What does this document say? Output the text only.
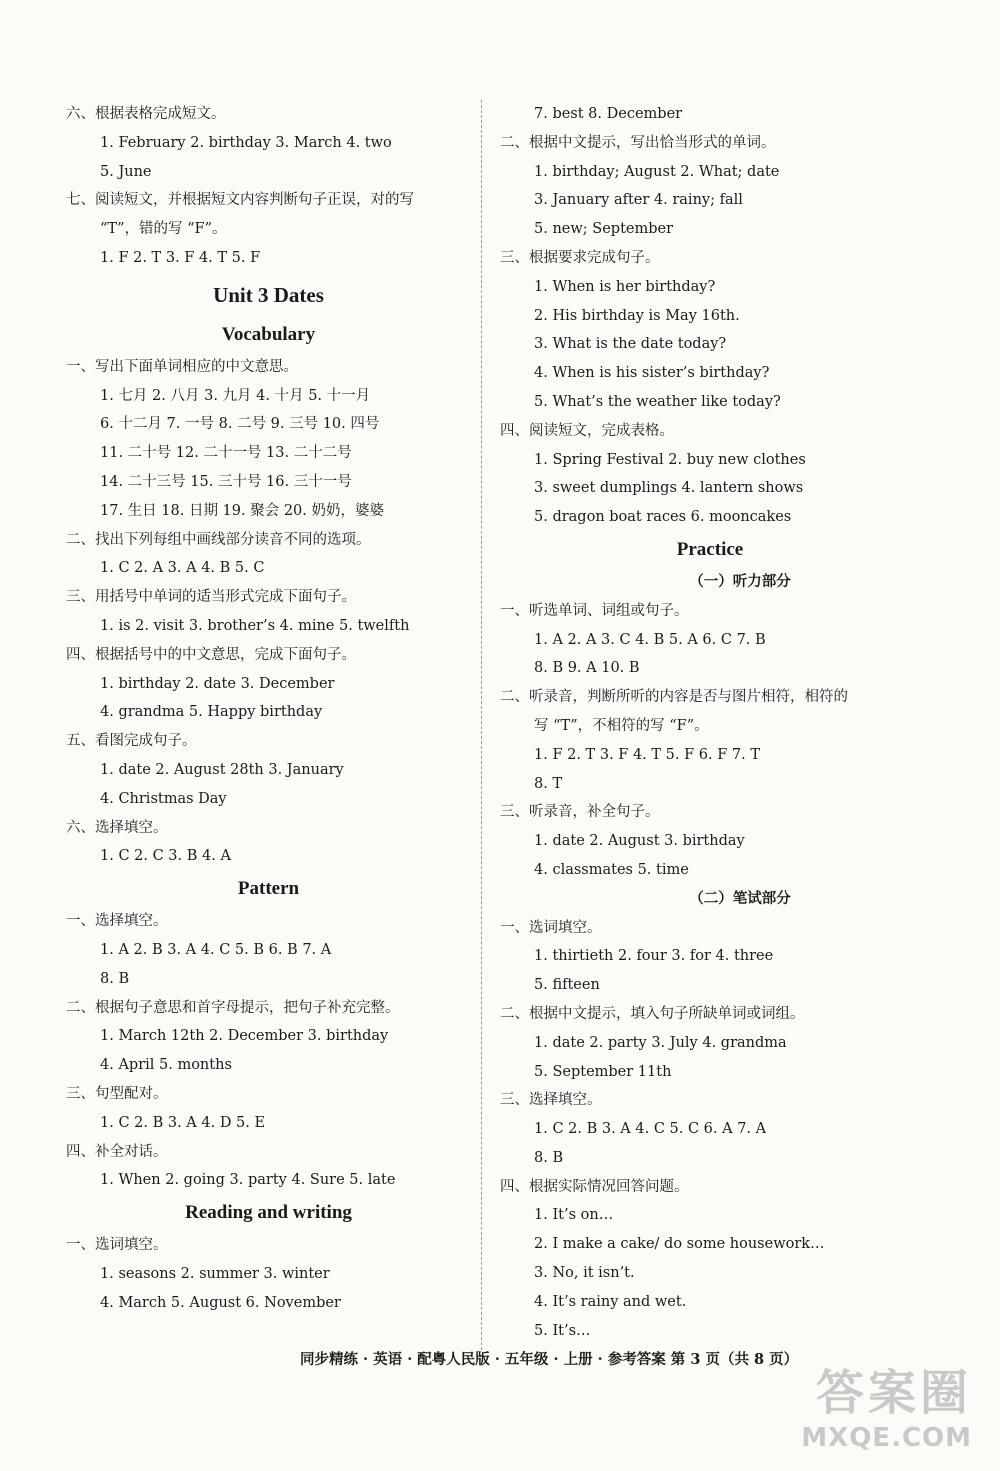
六、根据表格完成短文。
1. February 2. birthday 3. March 4. two
5. June
七、阅读短文，并根据短文内容判断句子正误，对的写
“T”，错的写 “F”。
1. F 2. T 3. F 4. T 5. F
Unit 3 Dates
Vocabulary
一、写出下面单词相应的中文意思。
1. 七月 2. 八月 3. 九月 4. 十月 5. 十一月
6. 十二月 7. 一号 8. 二号 9. 三号 10. 四号
11. 二十号 12. 二十一号 13. 二十二号
14. 二十三号 15. 三十号 16. 三十一号
17. 生日 18. 日期 19. 聚会 20. 奶奶，婆婆
二、找出下列每组中画线部分读音不同的选项。
1. C 2. A 3. A 4. B 5. C
三、用括号中单词的适当形式完成下面句子。
1. is 2. visit 3. brother’s 4. mine 5. twelfth
四、根据括号中的中文意思，完成下面句子。
1. birthday 2. date 3. December
4. grandma 5. Happy birthday
五、看图完成句子。
1. date 2. August 28th 3. January
4. Christmas Day
六、选择填空。
1. C 2. C 3. B 4. A
Pattern
一、选择填空。
1. A 2. B 3. A 4. C 5. B 6. B 7. A
8. B
二、根据句子意思和首字母提示，把句子补充完整。
1. March 12th 2. December 3. birthday
4. April 5. months
三、句型配对。
1. C 2. B 3. A 4. D 5. E
四、补全对话。
1. When 2. going 3. party 4. Sure 5. late
Reading and writing
一、选词填空。
1. seasons 2. summer 3. winter
4. March 5. August 6. November
7. best 8. December
二、根据中文提示，写出恰当形式的单词。
1. birthday; August 2. What; date
3. January after 4. rainy; fall
5. new; September
三、根据要求完成句子。
1. When is her birthday?
2. His birthday is May 16th.
3. What is the date today?
4. When is his sister’s birthday?
5. What’s the weather like today?
四、阅读短文，完成表格。
1. Spring Festival 2. buy new clothes
3. sweet dumplings 4. lantern shows
5. dragon boat races 6. mooncakes
Practice
（一）听力部分
一、听选单词、词组或句子。
1. A 2. A 3. C 4. B 5. A 6. C 7. B
8. B 9. A 10. B
二、听录音，判断所听的内容是否与图片相符，相符的
写 “T”，不相符的写 “F”。
1. F 2. T 3. F 4. T 5. F 6. F 7. T
8. T
三、听录音，补全句子。
1. date 2. August 3. birthday
4. classmates 5. time
（二）笔试部分
一、选词填空。
1. thirtieth 2. four 3. for 4. three
5. fifteen
二、根据中文提示，填入句子所缺单词或词组。
1. date 2. party 3. July 4. grandma
5. September 11th
三、选择填空。
1. C 2. B 3. A 4. C 5. C 6. A 7. A
8. B
四、根据实际情况回答问题。
1. It’s on…
2. I make a cake/ do some housework…
3. No, it isn’t.
4. It’s rainy and wet.
5. It’s…
同步精练 · 英语 · 配粤人民版 · 五年级 · 上册 · 参考答案 第 3 页（共 8 页）
答案圈
MXQE.COM
